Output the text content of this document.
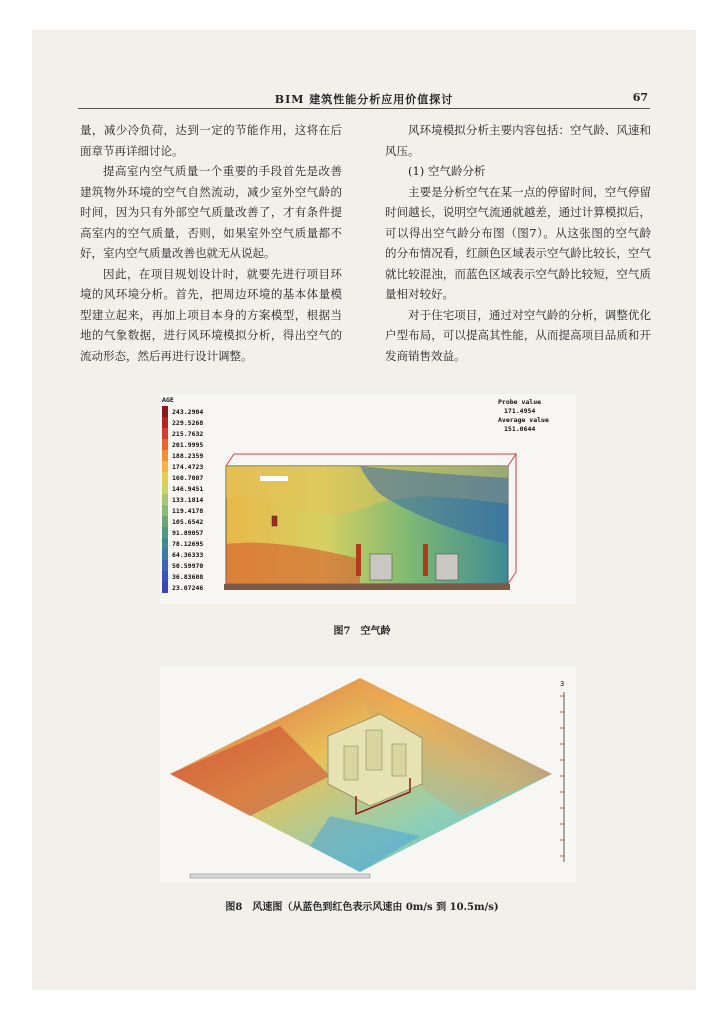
BIM 建筑性能分析应用价值探讨	67

量，减少冷负荷，达到一定的节能作用，这将在后面章节再详细讨论。

提高室内空气质量一个重要的手段首先是改善建筑物外环境的空气自然流动，减少室外空气龄的时间，因为只有外部空气质量改善了，才有条件提高室内的空气质量，否则，如果室外空气质量都不好，室内空气质量改善也就无从说起。

因此，在项目规划设计时，就要先进行项目环境的风环境分析。首先，把周边环境的基本体量模型建立起来，再加上项目本身的方案模型，根据当地的气象数据，进行风环境模拟分析，得出空气的流动形态，然后再进行设计调整。

风环境模拟分析主要内容包括：空气龄、风速和风压。

(1) 空气龄分析

主要是分析空气在某一点的停留时间，空气停留时间越长，说明空气流通就越差，通过计算模拟后，可以得出空气龄分布图（图7）。从这张图的空气龄的分布情况看，红颜色区域表示空气龄比较长，空气就比较混浊，而蓝色区域表示空气龄比较短，空气质量相对较好。

对于住宅项目，通过对空气龄的分析，调整优化户型布局，可以提高其性能，从而提高项目品质和开发商销售效益。

AGE
243.2904
229.5268
215.7632
201.9995
188.2359
174.4723
160.7087
146.9451
133.1814
119.4178
105.6542
91.89057
78.12695
64.36333
50.59970
36.83608
23.07246
Probe value
171.4954
Average value
151.0644
图7　空气龄
3
图8　风速图（从蓝色到红色表示风速由 0m/s 到 10.5m/s)
